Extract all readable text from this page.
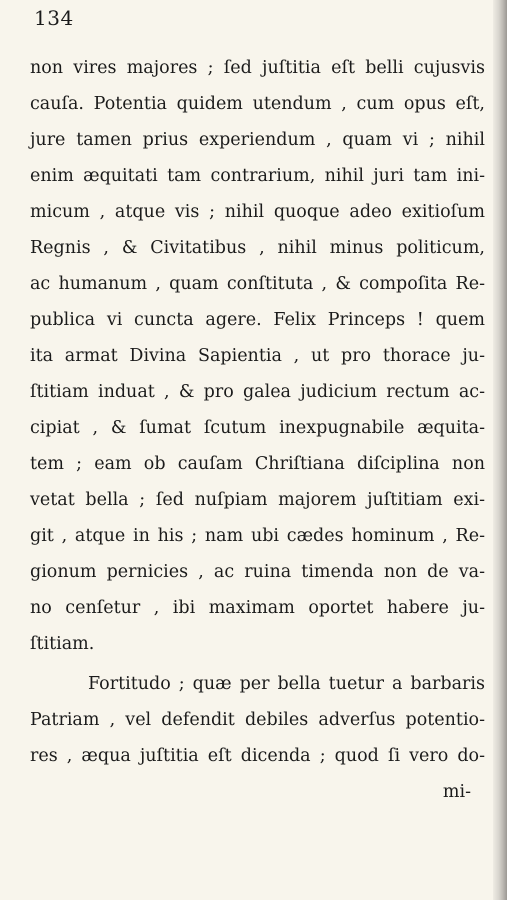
134
non vires majores ; ſed juſtitia eſt belli cujusvis
cauſa. Potentia quidem utendum , cum opus eſt,
jure tamen prius experiendum , quam vi ; nihil
enim æquitati tam contrarium, nihil juri tam ini-
micum , atque vis ; nihil quoque adeo exitioſum
Regnis , & Civitatibus , nihil minus politicum,
ac humanum , quam conſtituta , & compoſita Re-
publica vi cuncta agere. Felix Princeps ! quem
ita armat Divina Sapientia , ut pro thorace ju-
ſtitiam induat , & pro galea judicium rectum ac-
cipiat , & ſumat ſcutum inexpugnabile æquita-
tem ; eam ob cauſam Chriſtiana diſciplina non
vetat bella ; ſed nuſpiam majorem juſtitiam exi-
git , atque in his ; nam ubi cædes hominum , Re-
gionum pernicies , ac ruina timenda non de va-
no cenſetur , ibi maximam oportet habere ju-
ſtitiam.
Fortitudo ; quæ per bella tuetur a barbaris
Patriam , vel defendit debiles adverſus potentio-
res , æqua juſtitia eſt dicenda ; quod ſi vero do-
mi-
